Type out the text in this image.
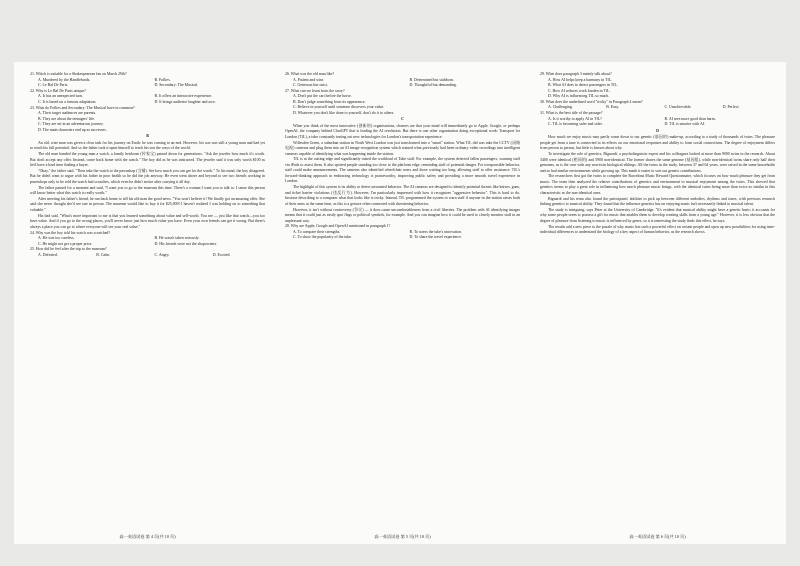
21. Which is suitable for a Shakespearean fan on March 29th?
A. Murdered by the Handlebards.	B. Follies.
C. Le Bal De Paris.	D. Secondary: The Musical.
22. Why is Le Bal De Paris unique?
A. It has an unexpected turn.	B. It offers an interactive experience.
C. It is based on a famous adaptation.	D. It brings audience laughter and awe.
23. What do Follies and Secondary: The Musical have in common?
A. Their target audiences are parents.
B. They are about the teenagers' life.
C. They are set in an adventurous journey.
D. The main characters end up as successes.
B
An old, wise man was given a clear task for his journey on Earth: he was coming to an end. However, his son was still a young man and had yet to reach his full potential. And so the father took it upon himself to teach his son the ways of the world.
The old man handed the young man a watch, a family heirloom (传家宝) passed down for generations. "Ask the jeweler how much it's worth. But don't accept any offer. Instead, come back home with the watch." The boy did as he was instructed. The jeweler said it was only worth $100 as he'd have a hard time finding a buyer.
"Okay," the father said. "Then take the watch to the pawnshop (当铺). See how much you can get for the watch." To his mind, the boy disagreed. But he didn't want to argue with his father in poor health so he did the job anyway. He even went above and beyond to see two friends working in pawnshops only to be told the watch had scratches, which even he didn't notice after carrying it all day.
The father paused for a moment and said, "I want you to go to the museum this time. There's a woman I want you to talk to. I sense this person will know better what this watch is really worth."
After meeting his father's friend, he ran back home to tell his old man the good news. "You won't believe it! We finally got an amazing offer. She said she never thought she'd see one in person. The museum would like to buy it for $25,000! I haven't realized I was holding on to something that valuable."
His dad said, "What's more important to me is that you learned something about value and self-worth. You see — just like that watch—you too have value. And if you go to the wrong places, you'll never know just how much value you have. Even your own friends can get it wrong. But there's always a place you can go to where everyone will see your real value."
24. Why was the boy told his watch was scratched?
A. He was too careless.	B. He wasn't taken seriously.
C. He might not get a proper price.	D. His friends were not the shopowners.
25. How did he feel after the trip to the museum?
A. Defeated.	B. Calm.	C. Angry.	D. Excited.
26. What was the old man like?
A. Patient and wise.	B. Determined but stubborn.
C. Generous but strict.	D. Thoughtful but demanding.
27. What can we learn from the story?
A. Don't put the cart before the horse.
B. Don't judge something from its appearance.
C. Believe in yourself until someone discovers your value.
D. Whatever you don't like done to yourself, don't do it to others.
C
When you think of the most innovative (创新的) organisations, chances are that your mind will immediately go to Apple, Google, or perhaps OpenAI, the company behind ChatGPT that is leading the AI revolution. But there is one other organisation doing exceptional work: Transport for London (TfL), a tube constantly testing out new technologies for London's transportation experience.
Willesden Green, a suburban station in North West London was just transformed into a "smart" station. What TfL did was take the CCTV (闭路电视) cameras and plug them into an AI image recognition system which trained what previously had been ordinary video recordings into intelligent cameras capable of identifying what was happening inside the station.
TfL is at the cutting edge and significantly raised the workload of Tube staff. For example, the system detected fallen passengers, warning staff via iPads to assist them. It also spotted people standing too close to the platform edge, reminding staff of potential danger. For irresponsible behavior, staff could make announcements. The cameras also identified wheelchair users and those waiting too long, allowing staff to offer assistance. TfL's forward-thinking approach in embracing technology is praiseworthy, improving public safety and providing a more smooth travel experience in London.
The highlight of this system is its ability to detect unwanted behavior. The AI cameras are designed to identify potential threats like knives, guns, and ticket barrier violations (违反行为). However, I'm particularly impressed with how it recognizes "aggressive behavior". This is hard to do, because describing to a computer what that looks like is tricky. Instead, TfL programmed the system to warn staff if anyone in the station raises both of their arms at the same time, as this is a gesture often connected with threatening behavior.
However, it isn't without controversy (争议) — it does cause uncomfortableness from a civil liberties. The problem with AI identifying images means that it could just as easily spot flags or political symbols, for example. And you can imagine how it could be used to closely monitor staff in an unpleasant way.
28. Why are Apple, Google and OpenAI mentioned in paragraph 1?
A. To compare their strengths.	B. To stress the tube's innovation.
C. To show the popularity of the tube.	D. To share the travel experience.
29. What does paragraph 3 mainly talk about?
A. How AI helps keep a harmony in TfL.
B. What AI does to detect passengers in TfL.
C. How AI reduces work burden in TfL.
D. Why AI is influencing TfL so much.
30. What does the underlined word "tricky" in Paragraph 4 mean?
A. Challenging.	B. Easy.	C. Unachievable.	D. Perfect.
31. What is the best title of the passage?
A. Is it worthy to apply AI in TfL?	B. AI sees more good than harm.
C. TfL is becoming safer and safer.	D. TfL is smarter with AI.
D
How much we enjoy music may partly come down to our genetic (基因的) make-up, according to a study of thousands of twins. The pleasure people get from a tune is connected to its effects on our emotional responses and ability to form social connections. The degree of enjoyment differs from person to person, but little is known about why.
To investigate the role of genetics, Bignardi, a psycholinguistic expert and his colleagues looked at more than 9000 twins in the research. About 3400 were identical (相同的) and 5900 non-identical. The former shares the same genome (基因组), while non-identical twins share only half their genomes, as is the case with any non-twin biological siblings. All the twins in the study, between 37 and 64 years, were raised in the same households and so had similar environments while growing up. This made it easier to sort out genetic contributions.
The researchers first got the twins to complete the Barcelona Music Reward Questionnaire, which focuses on how much pleasure they get from music. The team then analyzed the relative contributions of genetics and environment to musical enjoyment among the twins. This showed that genetics seems to play a great role in influencing how much pleasure music brings, with the identical twins being more than twice as similar in this characteristic as the non-identical ones.
Bignardi and his team also found the participants' abilities to pick up between different melodies, rhythms and tones, with previous research linking genetics to musical ability. They found that the influence genetics has on enjoying music isn't necessarily linked to musical talent.
The study is intriguing, says Peter at the University of Cambridge. "It's evident that musical ability might have a genetic basis; it accounts for why some people seem to possess a gift for music that enables them to develop creating skills from a young age." However, it is less obvious that the degree of pleasure from listening to music is influenced by genes, so it is interesting the study finds this effect, he says.
The results add a new piece to the puzzle of why music has such a powerful effect on certain people and open up new possibilities for using inter-individual differences to understand the biology of a key aspect of human behavior, as the research shows.
高一英语试卷 第 4 页(共 10 页)	高一英语试卷 第 5 页(共 10 页)	高一英语试卷 第 6 页(共 10 页)
